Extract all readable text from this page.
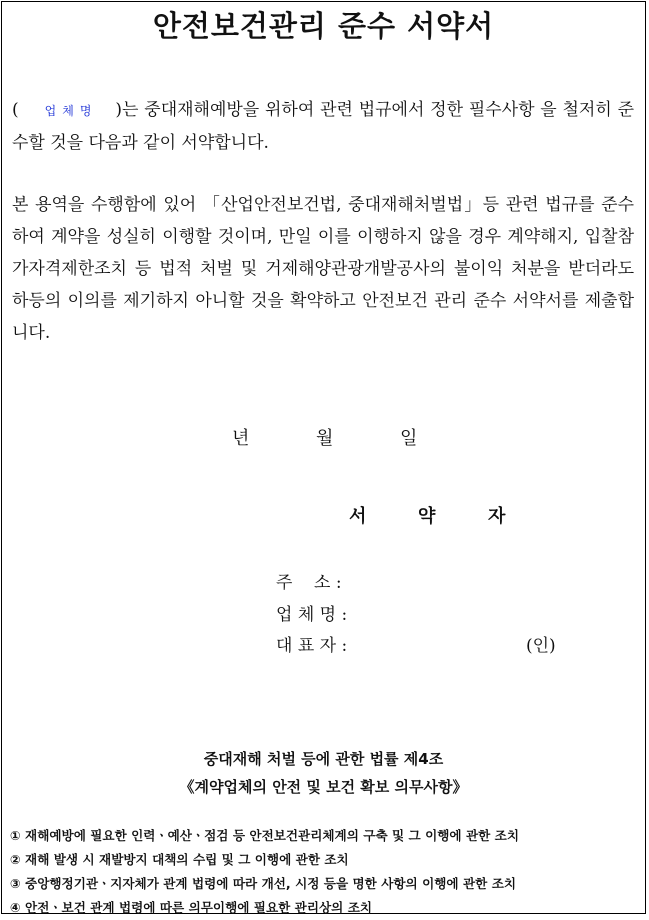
안전보건관리 준수 서약서
( 업체명 )는 중대재해예방을 위하여 관련 법규에서 정한 필수사항 을 철저히 준수할 것을 다음과 같이 서약합니다.
본 용역을 수행함에 있어 「산업안전보건법, 중대재해처벌법」등 관련 법규를 준수하여 계약을 성실히 이행할 것이며, 만일 이를 이행하지 않을 경우 계약해지, 입찰참가자격제한조치 등 법적 처벌 및 거제해양관광개발공사의 불이익 처분을 받더라도 하등의 이의를 제기하지 아니할 것을 확약하고 안전보건 관리 준수 서약서를 제출합니다.
년	월	일
서	약	자
주    소 :
업 체 명 :
대 표 자 :	(인)
중대재해 처벌 등에 관한 법률 제4조
《계약업체의 안전 및 보건 확보 의무사항》
① 재해예방에 필요한 인력ㆍ예산ㆍ점검 등 안전보건관리체계의 구축 및 그 이행에 관한 조치
② 재해 발생 시 재발방지 대책의 수립 및 그 이행에 관한 조치
③ 중앙행정기관ㆍ지자체가 관계 법령에 따라 개선, 시정 등을 명한 사항의 이행에 관한 조치
④ 안전ㆍ보건 관계 법령에 따른 의무이행에 필요한 관리상의 조치
